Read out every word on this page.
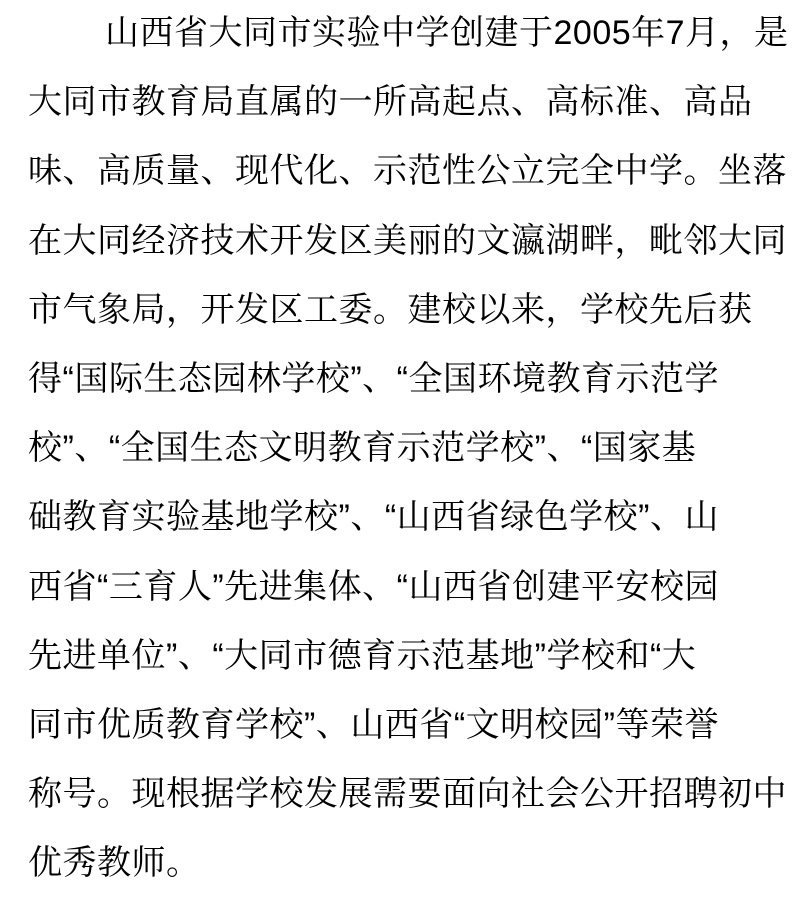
山西省大同市实验中学创建于2005年7月，是
大同市教育局直属的一所高起点、高标准、高品
味、高质量、现代化、示范性公立完全中学。坐落
在大同经济技术开发区美丽的文瀛湖畔，毗邻大同
市气象局，开发区工委。建校以来，学校先后获
得“国际生态园林学校”、“全国环境教育示范学
校”、“全国生态文明教育示范学校”、“国家基
础教育实验基地学校”、“山西省绿色学校”、山
西省“三育人”先进集体、“山西省创建平安校园
先进单位”、“大同市德育示范基地”学校和“大
同市优质教育学校”、山西省“文明校园”等荣誉
称号。现根据学校发展需要面向社会公开招聘初中
优秀教师。
